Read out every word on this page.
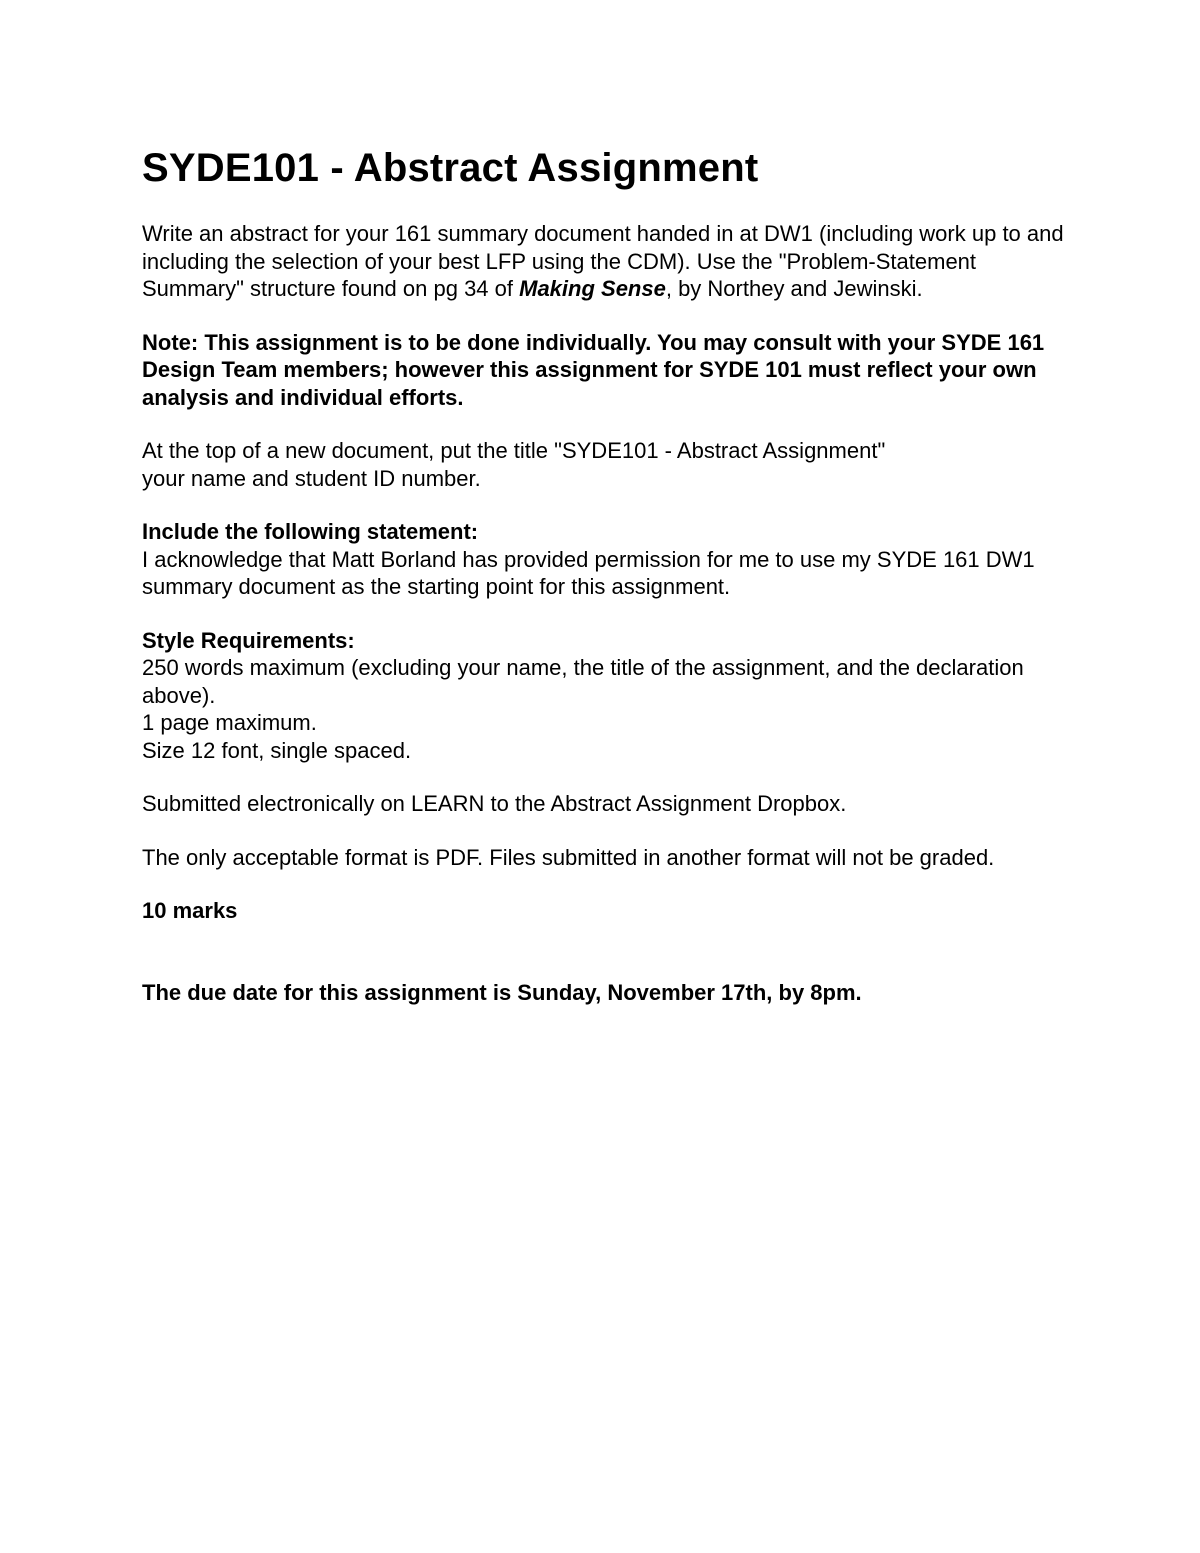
SYDE101 - Abstract Assignment

Write an abstract for your 161 summary document handed in at DW1 (including work up to and including the selection of your best LFP using the CDM). Use the "Problem-Statement Summary" structure found on pg 34 of Making Sense, by Northey and Jewinski.

Note: This assignment is to be done individually. You may consult with your SYDE 161 Design Team members; however this assignment for SYDE 101 must reflect your own analysis and individual efforts.

At the top of a new document, put the title "SYDE101 - Abstract Assignment"
your name and student ID number.

Include the following statement:
I acknowledge that Matt Borland has provided permission for me to use my SYDE 161 DW1 summary document as the starting point for this assignment.

Style Requirements:
250 words maximum (excluding your name, the title of the assignment, and the declaration above).
1 page maximum.
Size 12 font, single spaced.

Submitted electronically on LEARN to the Abstract Assignment Dropbox.

The only acceptable format is PDF. Files submitted in another format will not be graded.

10 marks

The due date for this assignment is Sunday, November 17th, by 8pm.
